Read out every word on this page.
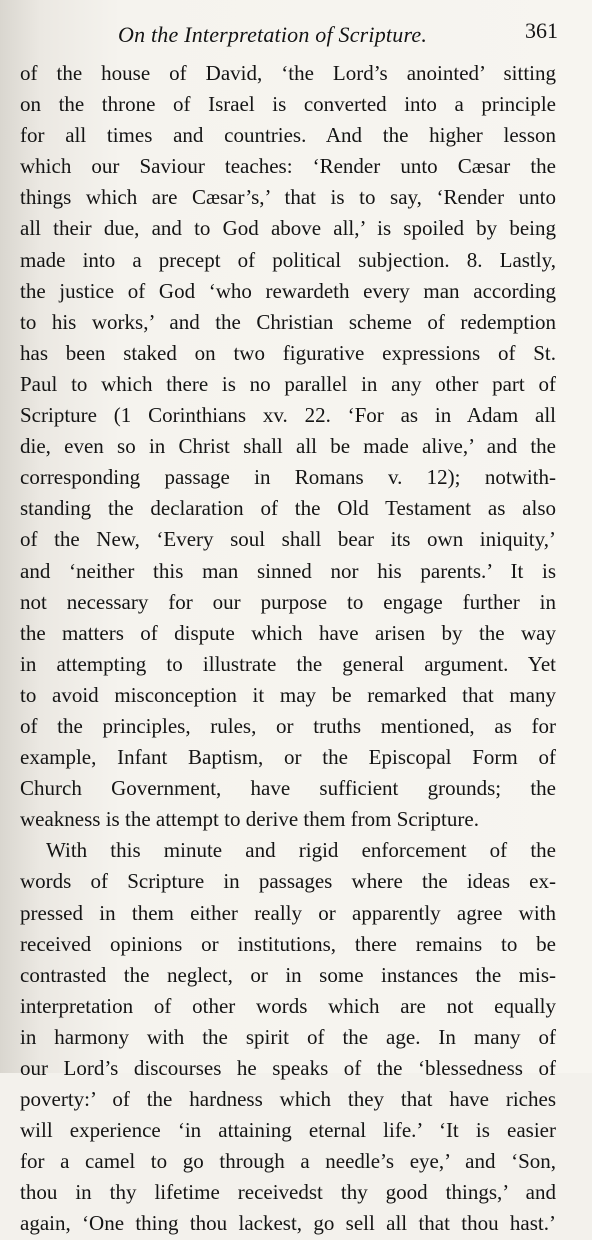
On the Interpretation of Scripture.	361
of the house of David, ‘the Lord’s anointed’ sitting
on the throne of Israel is converted into a principle
for all times and countries. And the higher lesson
which our Saviour teaches: ‘Render unto Cæsar the
things which are Cæsar’s,’ that is to say, ‘Render unto
all their due, and to God above all,’ is spoiled by being
made into a precept of political subjection. 8. Lastly,
the justice of God ‘who rewardeth every man according
to his works,’ and the Christian scheme of redemption
has been staked on two figurative expressions of St.
Paul to which there is no parallel in any other part of
Scripture (1 Corinthians xv. 22. ‘For as in Adam all
die, even so in Christ shall all be made alive,’ and the
corresponding passage in Romans v. 12); notwith-
standing the declaration of the Old Testament as also
of the New, ‘Every soul shall bear its own iniquity,’
and ‘neither this man sinned nor his parents.’ It is
not necessary for our purpose to engage further in
the matters of dispute which have arisen by the way
in attempting to illustrate the general argument. Yet
to avoid misconception it may be remarked that many
of the principles, rules, or truths mentioned, as for
example, Infant Baptism, or the Episcopal Form of
Church Government, have sufficient grounds; the
weakness is the attempt to derive them from Scripture.
With this minute and rigid enforcement of the
words of Scripture in passages where the ideas ex-
pressed in them either really or apparently agree with
received opinions or institutions, there remains to be
contrasted the neglect, or in some instances the mis-
interpretation of other words which are not equally
in harmony with the spirit of the age. In many of
our Lord’s discourses he speaks of the ‘blessedness of
poverty:’ of the hardness which they that have riches
will experience ‘in attaining eternal life.’ ‘It is easier
for a camel to go through a needle’s eye,’ and ‘Son,
thou in thy lifetime receivedst thy good things,’ and
again, ‘One thing thou lackest, go sell all that thou hast.’
